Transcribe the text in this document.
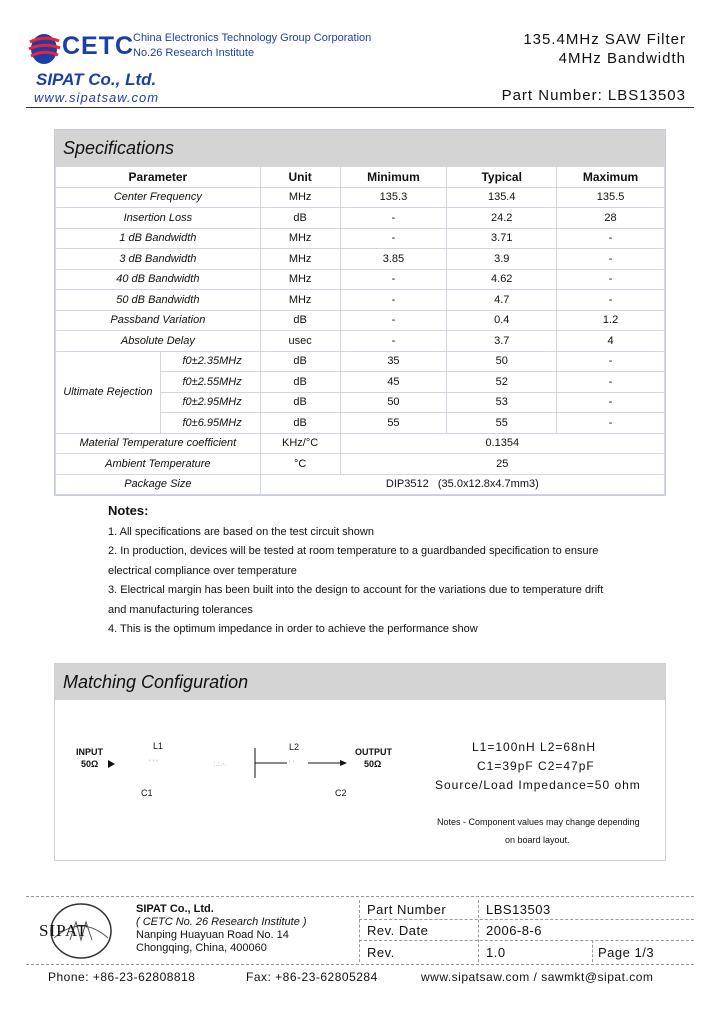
CETC
China Electronics Technology Group Corporation
No.26 Research Institute
SIPAT Co., Ltd.
www.sipatsaw.com
135.4MHz SAW Filter
4MHz Bandwidth
Part Number: LBS13503
Specifications
Parameter		Unit	Minimum	Typical	Maximum
Center Frequency		MHz	135.3	135.4	135.5
Insertion Loss		dB	-	24.2	28
1 dB Bandwidth		MHz	-	3.71	-
3 dB Bandwidth		MHz	3.85	3.9	-
40 dB Bandwidth		MHz	-	4.62	-
50 dB Bandwidth		MHz	-	4.7	-
Passband Variation		dB	-	0.4	1.2
Absolute Delay		usec	-	3.7	4
Ultimate Rejection	f0±2.35MHz	dB	35	50	-
	f0±2.55MHz	dB	45	52	-
	f0±2.95MHz	dB	50	53	-
	f0±6.95MHz	dB	55	55	-
Material Temperature coefficient		KHz/°C	0.1354		
Ambient Temperature		°C	25		
Package Size		DIP3512   (35.0x12.8x4.7mm3)			
Notes:
1. All specifications are based on the test circuit shown
2. In production, devices will be tested at room temperature to a guardbanded specification to ensure
electrical compliance over temperature
3. Electrical margin has been built into the design to account for the variations due to temperature drift
and manufacturing tolerances
4. This is the optimum impedance in order to achieve the performance show
Matching Configuration
' ' '	:.:.-.	' '
INPUT
50Ω
L1	L2	OUTPUT
50Ω
C1	C2
L1=100nH L2=68nH
C1=39pF C2=47pF
Source/Load Impedance=50 ohm
Notes - Component values may change depending
on board layout.
SIPAT
SIPAT Co., Ltd.
( CETC No. 26 Research Institute )
Nanping Huayuan Road No. 14
Chongqing, China, 400060
Part Number	LBS13503
Rev. Date	2006-8-6
Rev.	1.0	Page 1/3
Phone: +86-23-62808818	Fax: +86-23-62805284	www.sipatsaw.com / sawmkt@sipat.com
